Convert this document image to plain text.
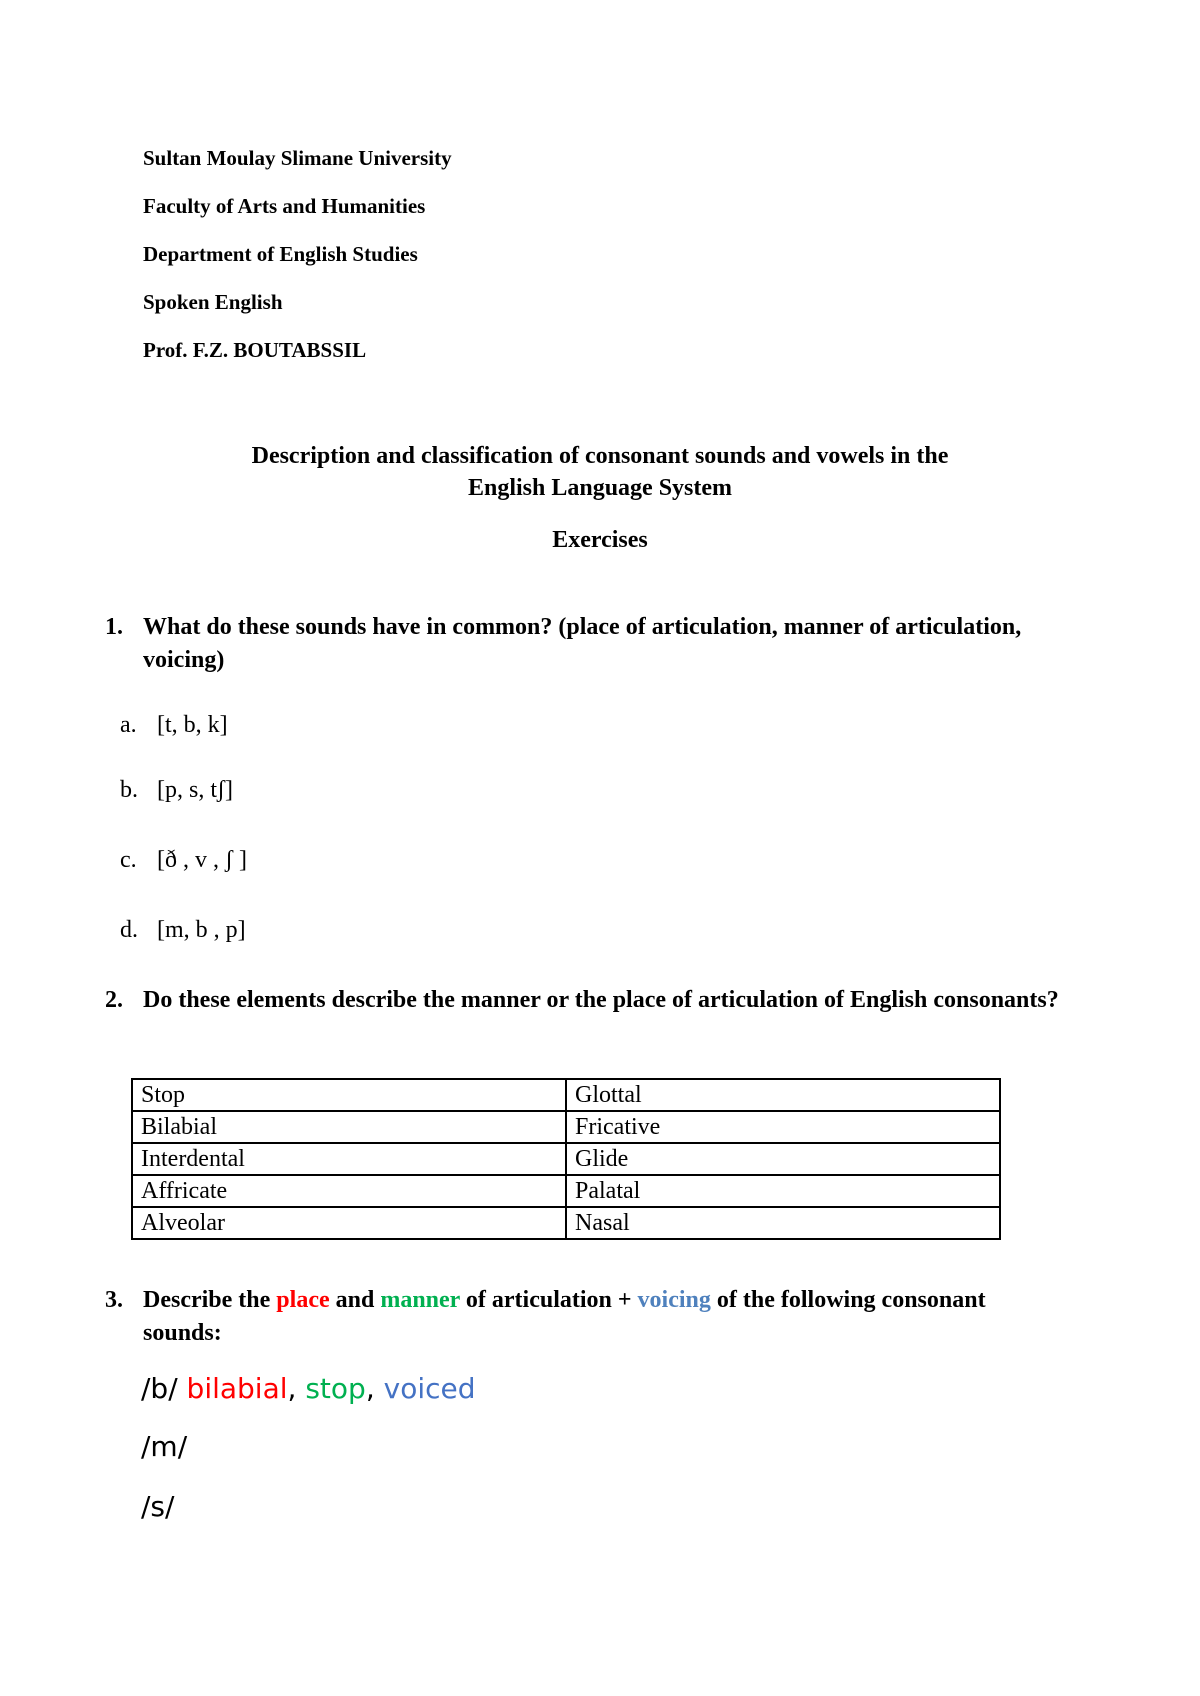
Sultan Moulay Slimane University
Faculty of Arts and Humanities
Department of English Studies
Spoken English
Prof. F.Z. BOUTABSSIL
Description and classification of consonant sounds and vowels in the
English Language System
Exercises
1. What do these sounds have in common? (place of articulation, manner of articulation, voicing)
a. [t, b, k]
b. [p, s, tʃ]
c. [ð , v , ʃ ]
d. [m, b , p]
2. Do these elements describe the manner or the place of articulation of English consonants?
Stop	Glottal
Bilabial	Fricative
Interdental	Glide
Affricate	Palatal
Alveolar	Nasal
3. Describe the place and manner of articulation + voicing of the following consonant sounds:
/b/ bilabial, stop, voiced
/m/
/s/
